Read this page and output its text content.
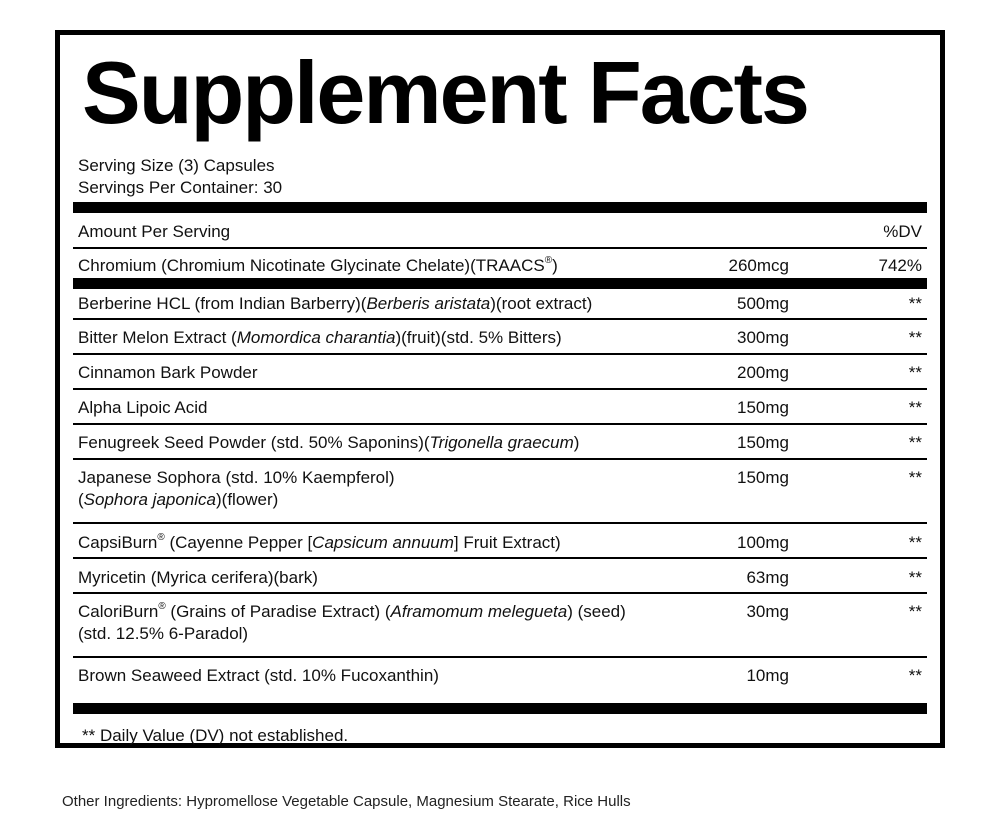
Supplement Facts
Serving Size (3) Capsules
Servings Per Container: 30
Amount Per Serving	%DV
Chromium (Chromium Nicotinate Glycinate Chelate)(TRAACS®)	260mcg	742%
Berberine HCL (from Indian Barberry)(Berberis aristata)(root extract)	500mg	**
Bitter Melon Extract (Momordica charantia)(fruit)(std. 5% Bitters)	300mg	**
Cinnamon Bark Powder	200mg	**
Alpha Lipoic Acid	150mg	**
Fenugreek Seed Powder (std. 50% Saponins)(Trigonella graecum)	150mg	**
Japanese Sophora (std. 10% Kaempferol)
(Sophora japonica)(flower)
150mg	**
CapsiBurn® (Cayenne Pepper [Capsicum annuum] Fruit Extract)	100mg	**
Myricetin (Myrica cerifera)(bark)	63mg	**
CaloriBurn® (Grains of Paradise Extract) (Aframomum melegueta) (seed)
(std. 12.5% 6-Paradol)
30mg	**
Brown Seaweed Extract (std. 10% Fucoxanthin)	10mg	**
** Daily Value (DV) not established.
Other Ingredients: Hypromellose Vegetable Capsule, Magnesium Stearate, Rice Hulls
